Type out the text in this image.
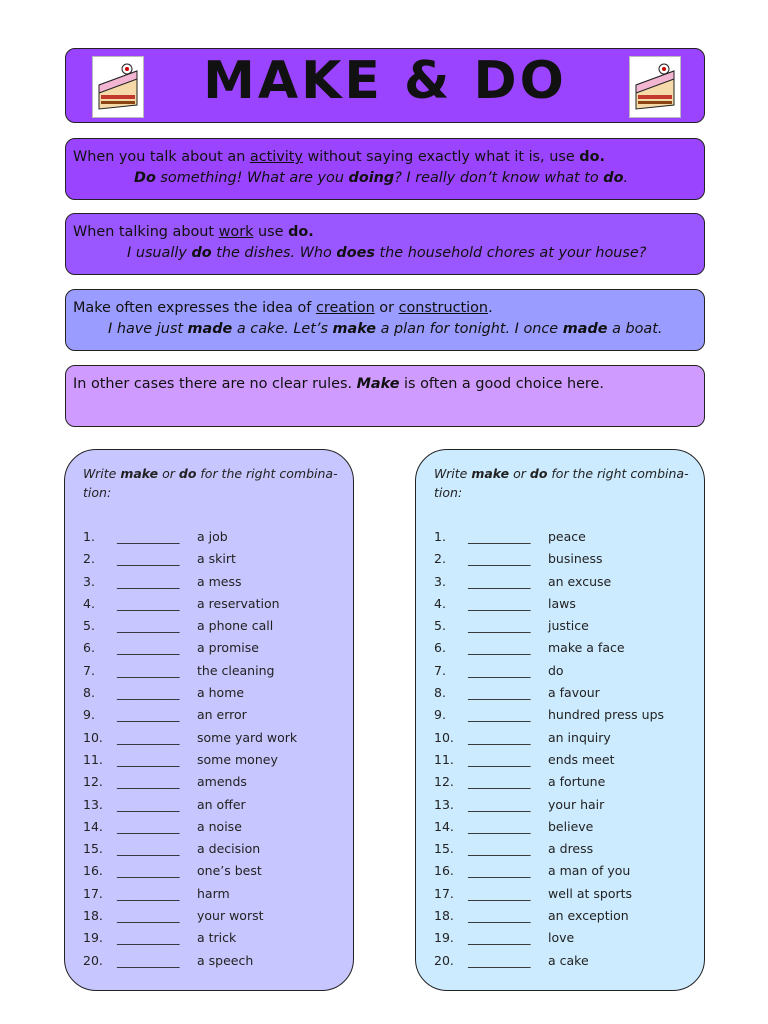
MAKE & DO
When you talk about an activity without saying exactly what it is, use do.
Do something! What are you doing? I really don’t know what to do.
When talking about work use do.
I usually do the dishes. Who does the household chores at your house?
Make often expresses the idea of creation or construction.
I have just made a cake. Let’s make a plan for tonight. I once made a boat.
In other cases there are no clear rules. Make is often a good choice here.
Write make or do for the right combina-tion:
1. __________ a job
2. __________ a skirt
3. __________ a mess
4. __________ a reservation
5. __________ a phone call
6. __________ a promise
7. __________ the cleaning
8. __________ a home
9. __________ an error
10. __________ some yard work
11. __________ some money
12. __________ amends
13. __________ an offer
14. __________ a noise
15. __________ a decision
16. __________ one’s best
17. __________ harm
18. __________ your worst
19. __________ a trick
20. __________ a speech
Write make or do for the right combina-tion:
1. __________ peace
2. __________ business
3. __________ an excuse
4. __________ laws
5. __________ justice
6. __________ make a face
7. __________ do
8. __________ a favour
9. __________ hundred press ups
10. __________ an inquiry
11. __________ ends meet
12. __________ a fortune
13. __________ your hair
14. __________ believe
15. __________ a dress
16. __________ a man of you
17. __________ well at sports
18. __________ an exception
19. __________ love
20. __________ a cake
